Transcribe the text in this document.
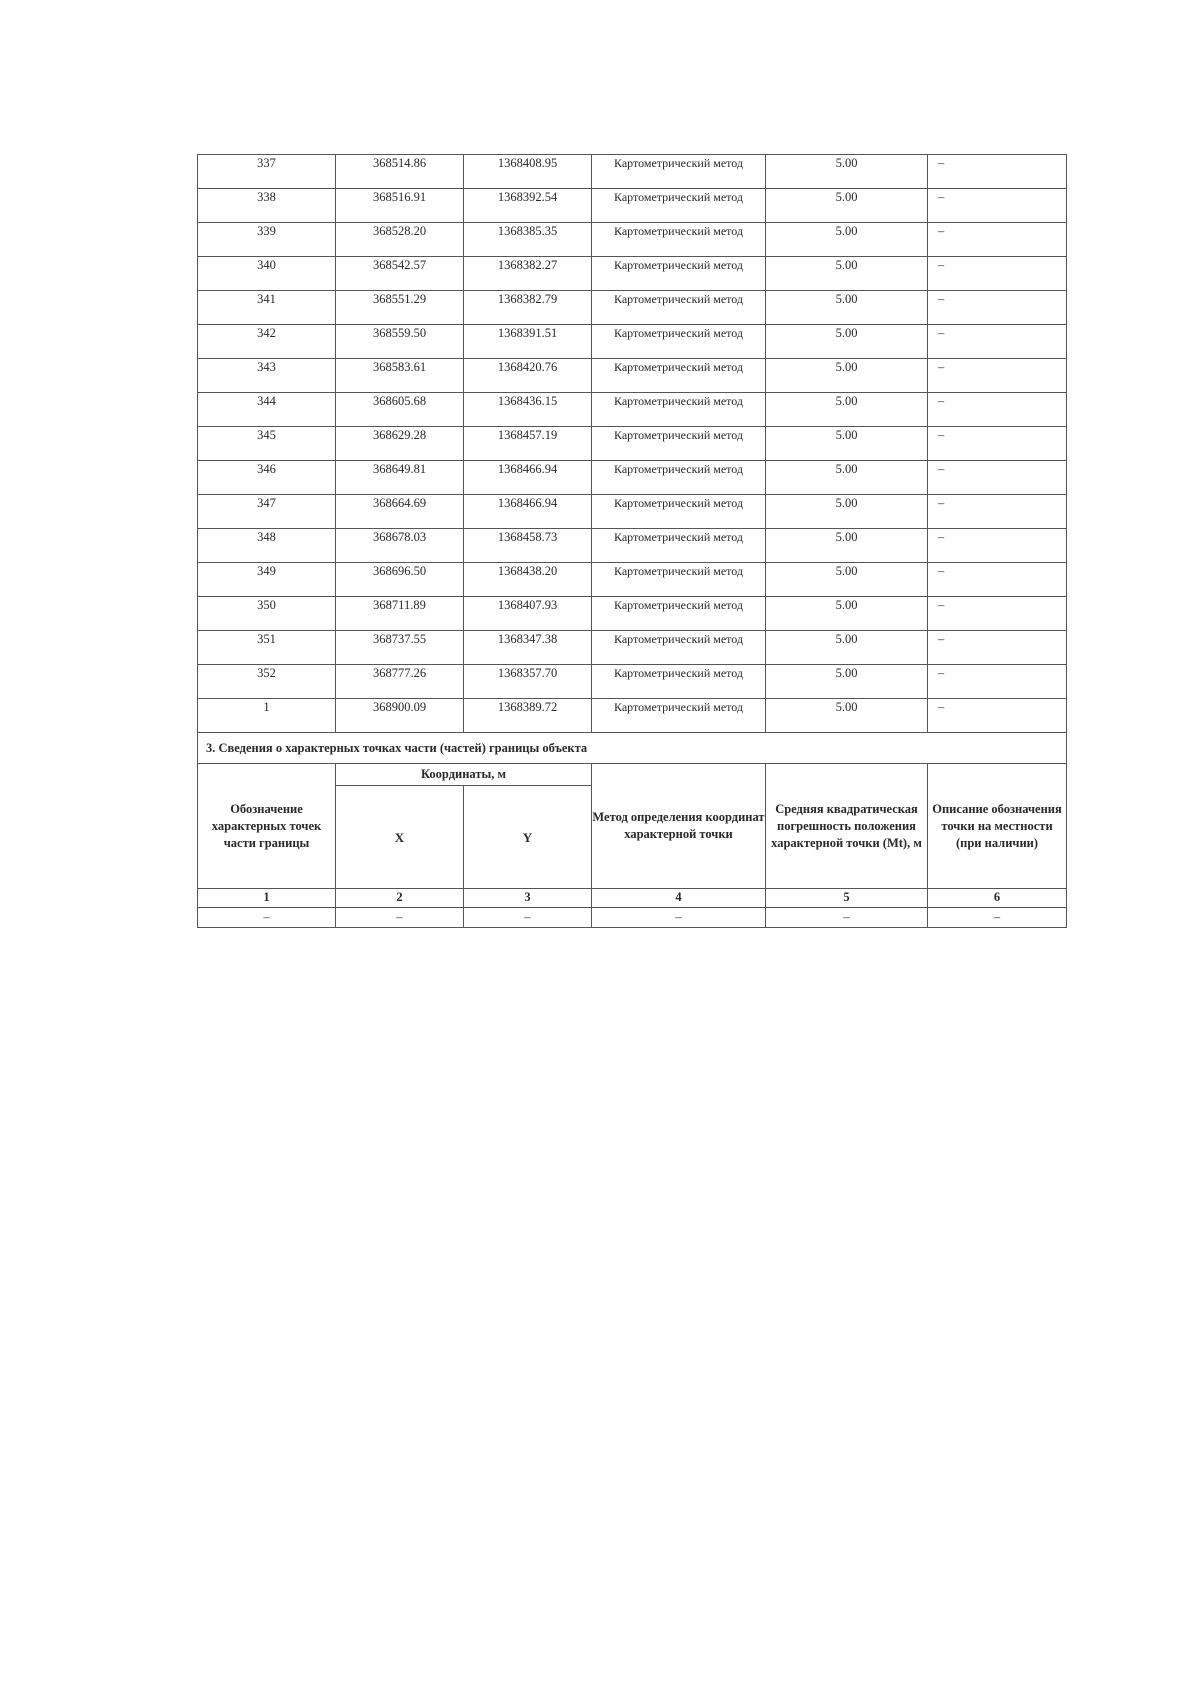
337	368514.86	1368408.95	Картометрический метод	5.00	–
338	368516.91	1368392.54	Картометрический метод	5.00	–
339	368528.20	1368385.35	Картометрический метод	5.00	–
340	368542.57	1368382.27	Картометрический метод	5.00	–
341	368551.29	1368382.79	Картометрический метод	5.00	–
342	368559.50	1368391.51	Картометрический метод	5.00	–
343	368583.61	1368420.76	Картометрический метод	5.00	–
344	368605.68	1368436.15	Картометрический метод	5.00	–
345	368629.28	1368457.19	Картометрический метод	5.00	–
346	368649.81	1368466.94	Картометрический метод	5.00	–
347	368664.69	1368466.94	Картометрический метод	5.00	–
348	368678.03	1368458.73	Картометрический метод	5.00	–
349	368696.50	1368438.20	Картометрический метод	5.00	–
350	368711.89	1368407.93	Картометрический метод	5.00	–
351	368737.55	1368347.38	Картометрический метод	5.00	–
352	368777.26	1368357.70	Картометрический метод	5.00	–
1	368900.09	1368389.72	Картометрический метод	5.00	–
3. Сведения о характерных точках части (частей) границы объекта					
Обозначение характерных точек части границы	Координаты, м		Метод определения координат характерной точки	Средняя квадратическая погрешность положения характерной точки (Mt), м	Описание обозначения точки на местности (при наличии)
	X	Y			
1	2	3	4	5	6
–	–	–	–	–	–
